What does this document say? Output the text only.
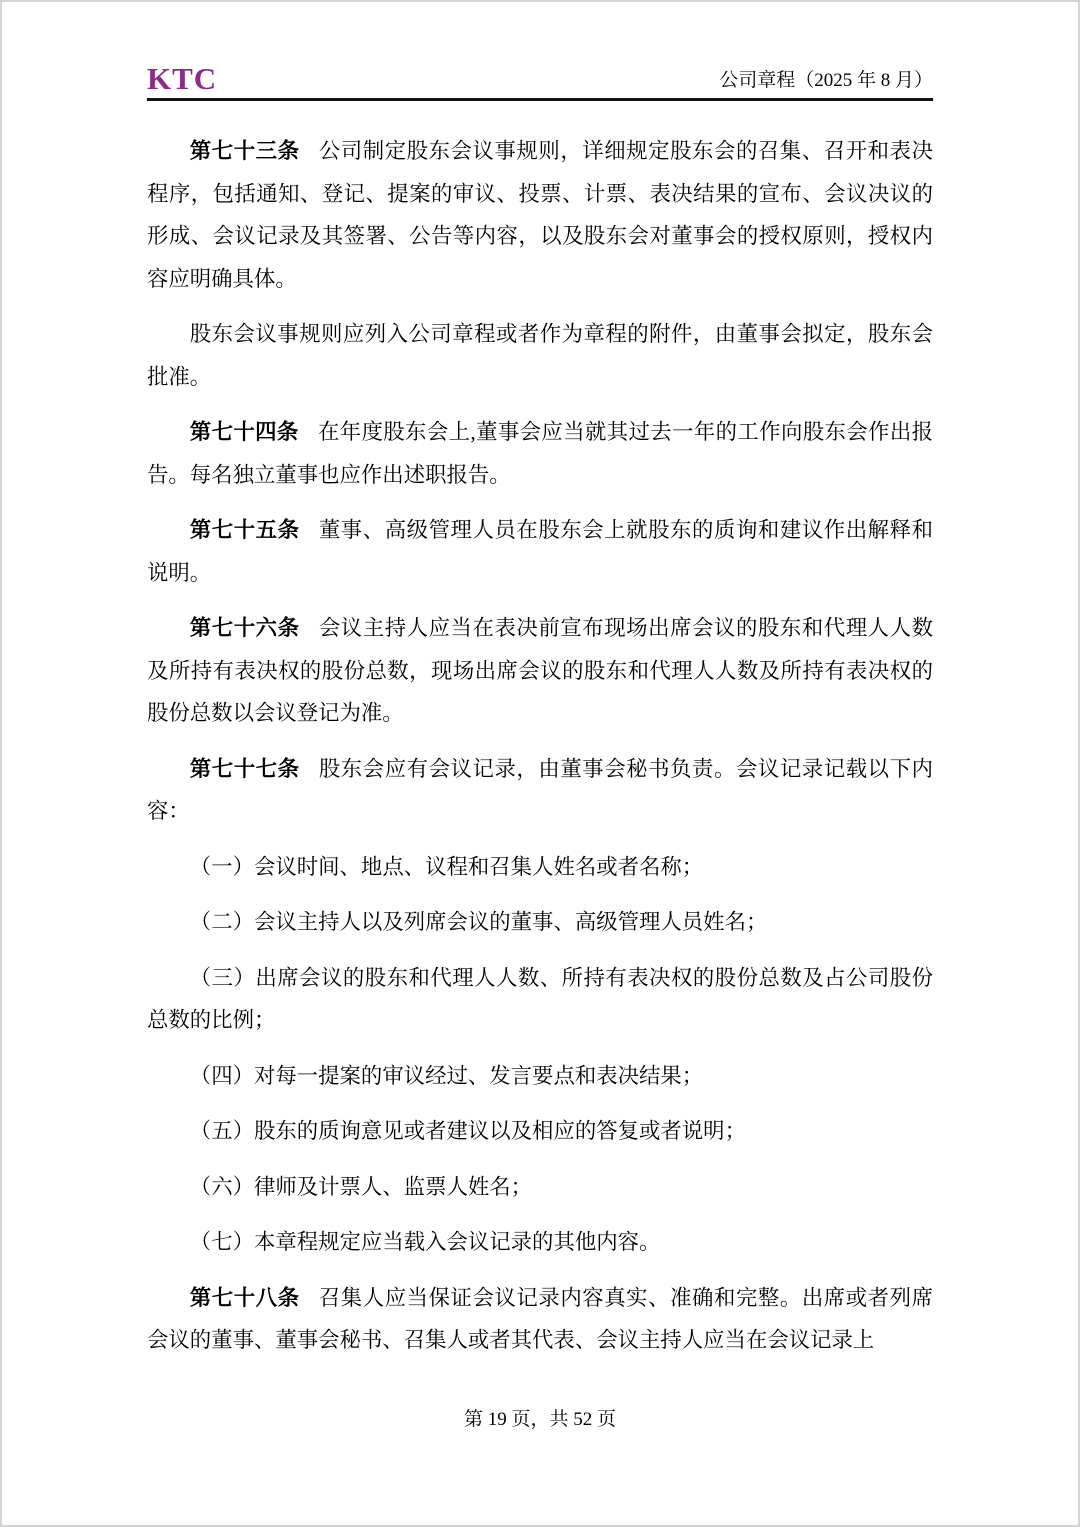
KTC	公司章程（2025 年 8 月）

第七十三条 公司制定股东会议事规则，详细规定股东会的召集、召开和表决程序，包括通知、登记、提案的审议、投票、计票、表决结果的宣布、会议决议的形成、会议记录及其签署、公告等内容，以及股东会对董事会的授权原则，授权内容应明确具体。

股东会议事规则应列入公司章程或者作为章程的附件，由董事会拟定，股东会批准。

第七十四条 在年度股东会上,董事会应当就其过去一年的工作向股东会作出报告。每名独立董事也应作出述职报告。

第七十五条 董事、高级管理人员在股东会上就股东的质询和建议作出解释和说明。

第七十六条 会议主持人应当在表决前宣布现场出席会议的股东和代理人人数及所持有表决权的股份总数，现场出席会议的股东和代理人人数及所持有表决权的股份总数以会议登记为准。

第七十七条 股东会应有会议记录，由董事会秘书负责。会议记录记载以下内容：

（一）会议时间、地点、议程和召集人姓名或者名称；

（二）会议主持人以及列席会议的董事、高级管理人员姓名；

（三）出席会议的股东和代理人人数、所持有表决权的股份总数及占公司股份总数的比例；

（四）对每一提案的审议经过、发言要点和表决结果；

（五）股东的质询意见或者建议以及相应的答复或者说明；

（六）律师及计票人、监票人姓名；

（七）本章程规定应当载入会议记录的其他内容。

第七十八条 召集人应当保证会议记录内容真实、准确和完整。出席或者列席会议的董事、董事会秘书、召集人或者其代表、会议主持人应当在会议记录上

第 19 页，共 52 页
